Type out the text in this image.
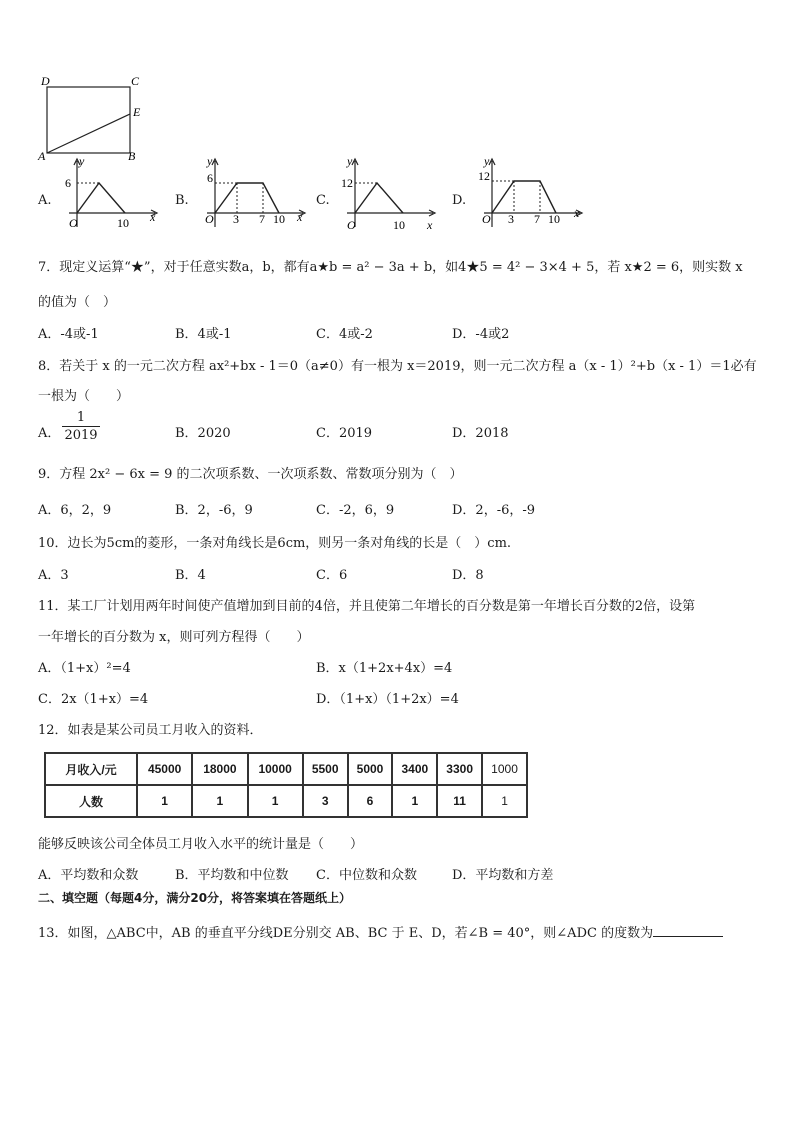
D	C
E
A	B
A.
y
6
O	10 x
B.
y
6
O 3 7 10 x
C.
y
12
O	10 x
D.
y
12
O 3 7 10 x
7．现定义运算“★”，对于任意实数a，b，都有a★b = a² − 3a + b，如4★5 = 4² − 3×4 + 5，若 x★2 = 6，则实数 x
的值为（　）
A．-4或-1	B．4或-1	C．4或-2	D．-4或2
8．若关于 x 的一元二次方程 ax²+bx - 1＝0（a≠0）有一根为 x＝2019，则一元二次方程 a（x - 1）²+b（x - 1）＝1必有
一根为（　　）
A． $\frac{1}{2019}$	B．2020	C．2019	D．2018
9．方程 2x² − 6x = 9 的二次项系数、一次项系数、常数项分别为（　）
A．6，2，9	B．2，-6，9	C．-2，6，9	D．2，-6，-9
10．边长为5cm的菱形，一条对角线长是6cm，则另一条对角线的长是（　）cm.
A．3	B．4	C．6	D．8
11．某工厂计划用两年时间使产值增加到目前的4倍，并且使第二年增长的百分数是第一年增长百分数的2倍，设第
一年增长的百分数为 x，则可列方程得（　　）
A．（1+x）²=4	B．x（1+2x+4x）=4
C．2x（1+x）=4	D．（1+x）（1+2x）=4
12．如表是某公司员工月收入的资料．
月收入/元	45000	18000	10000	5500	5000	3400	3300	1000
人数	1	1	1	3	6	1	11	1
能够反映该公司全体员工月收入水平的统计量是（　　）
A．平均数和众数	B．平均数和中位数 C．中位数和众数	D．平均数和方差
二、填空题（每题4分，满分20分，将答案填在答题纸上）
13．如图，△ABC中，AB 的垂直平分线DE分别交 AB、BC 于 E、D，若∠B = 40°，则∠ADC 的度数为
